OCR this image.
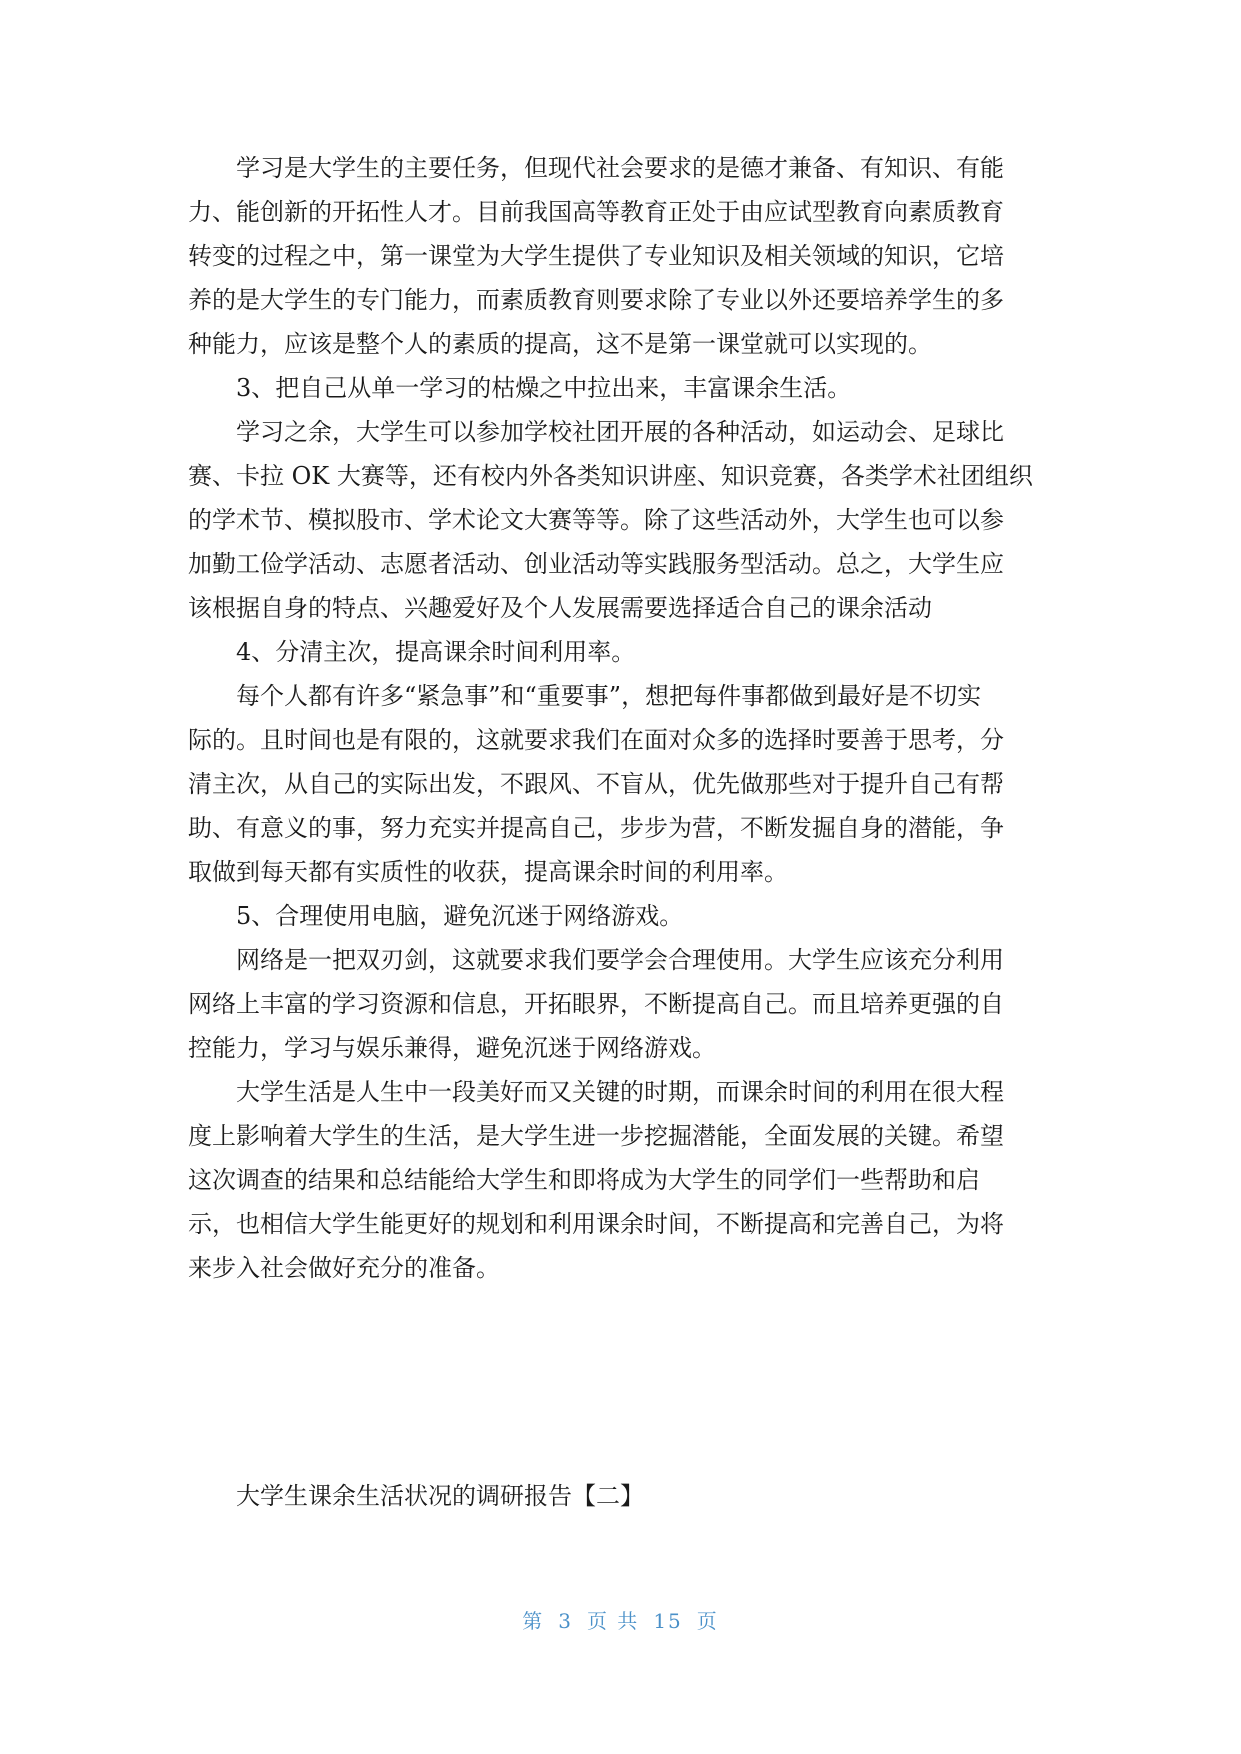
学习是大学生的主要任务，但现代社会要求的是德才兼备、有知识、有能
力、能创新的开拓性人才。目前我国高等教育正处于由应试型教育向素质教育
转变的过程之中，第一课堂为大学生提供了专业知识及相关领域的知识，它培
养的是大学生的专门能力，而素质教育则要求除了专业以外还要培养学生的多
种能力，应该是整个人的素质的提高，这不是第一课堂就可以实现的。
3、把自己从单一学习的枯燥之中拉出来，丰富课余生活。
学习之余，大学生可以参加学校社团开展的各种活动，如运动会、足球比
赛、卡拉 OK 大赛等，还有校内外各类知识讲座、知识竞赛，各类学术社团组织
的学术节、模拟股市、学术论文大赛等等。除了这些活动外，大学生也可以参
加勤工俭学活动、志愿者活动、创业活动等实践服务型活动。总之，大学生应
该根据自身的特点、兴趣爱好及个人发展需要选择适合自己的课余活动
4、分清主次，提高课余时间利用率。
每个人都有许多“紧急事”和“重要事”，想把每件事都做到最好是不切实
际的。且时间也是有限的，这就要求我们在面对众多的选择时要善于思考，分
清主次，从自己的实际出发，不跟风、不盲从，优先做那些对于提升自己有帮
助、有意义的事，努力充实并提高自己，步步为营，不断发掘自身的潜能，争
取做到每天都有实质性的收获，提高课余时间的利用率。
5、合理使用电脑，避免沉迷于网络游戏。
网络是一把双刃剑，这就要求我们要学会合理使用。大学生应该充分利用
网络上丰富的学习资源和信息，开拓眼界，不断提高自己。而且培养更强的自
控能力，学习与娱乐兼得，避免沉迷于网络游戏。
大学生活是人生中一段美好而又关键的时期，而课余时间的利用在很大程
度上影响着大学生的生活，是大学生进一步挖掘潜能，全面发展的关键。希望
这次调查的结果和总结能给大学生和即将成为大学生的同学们一些帮助和启
示，也相信大学生能更好的规划和利用课余时间，不断提高和完善自己，为将
来步入社会做好充分的准备。
大学生课余生活状况的调研报告【二】
第 3 页 共 15 页
